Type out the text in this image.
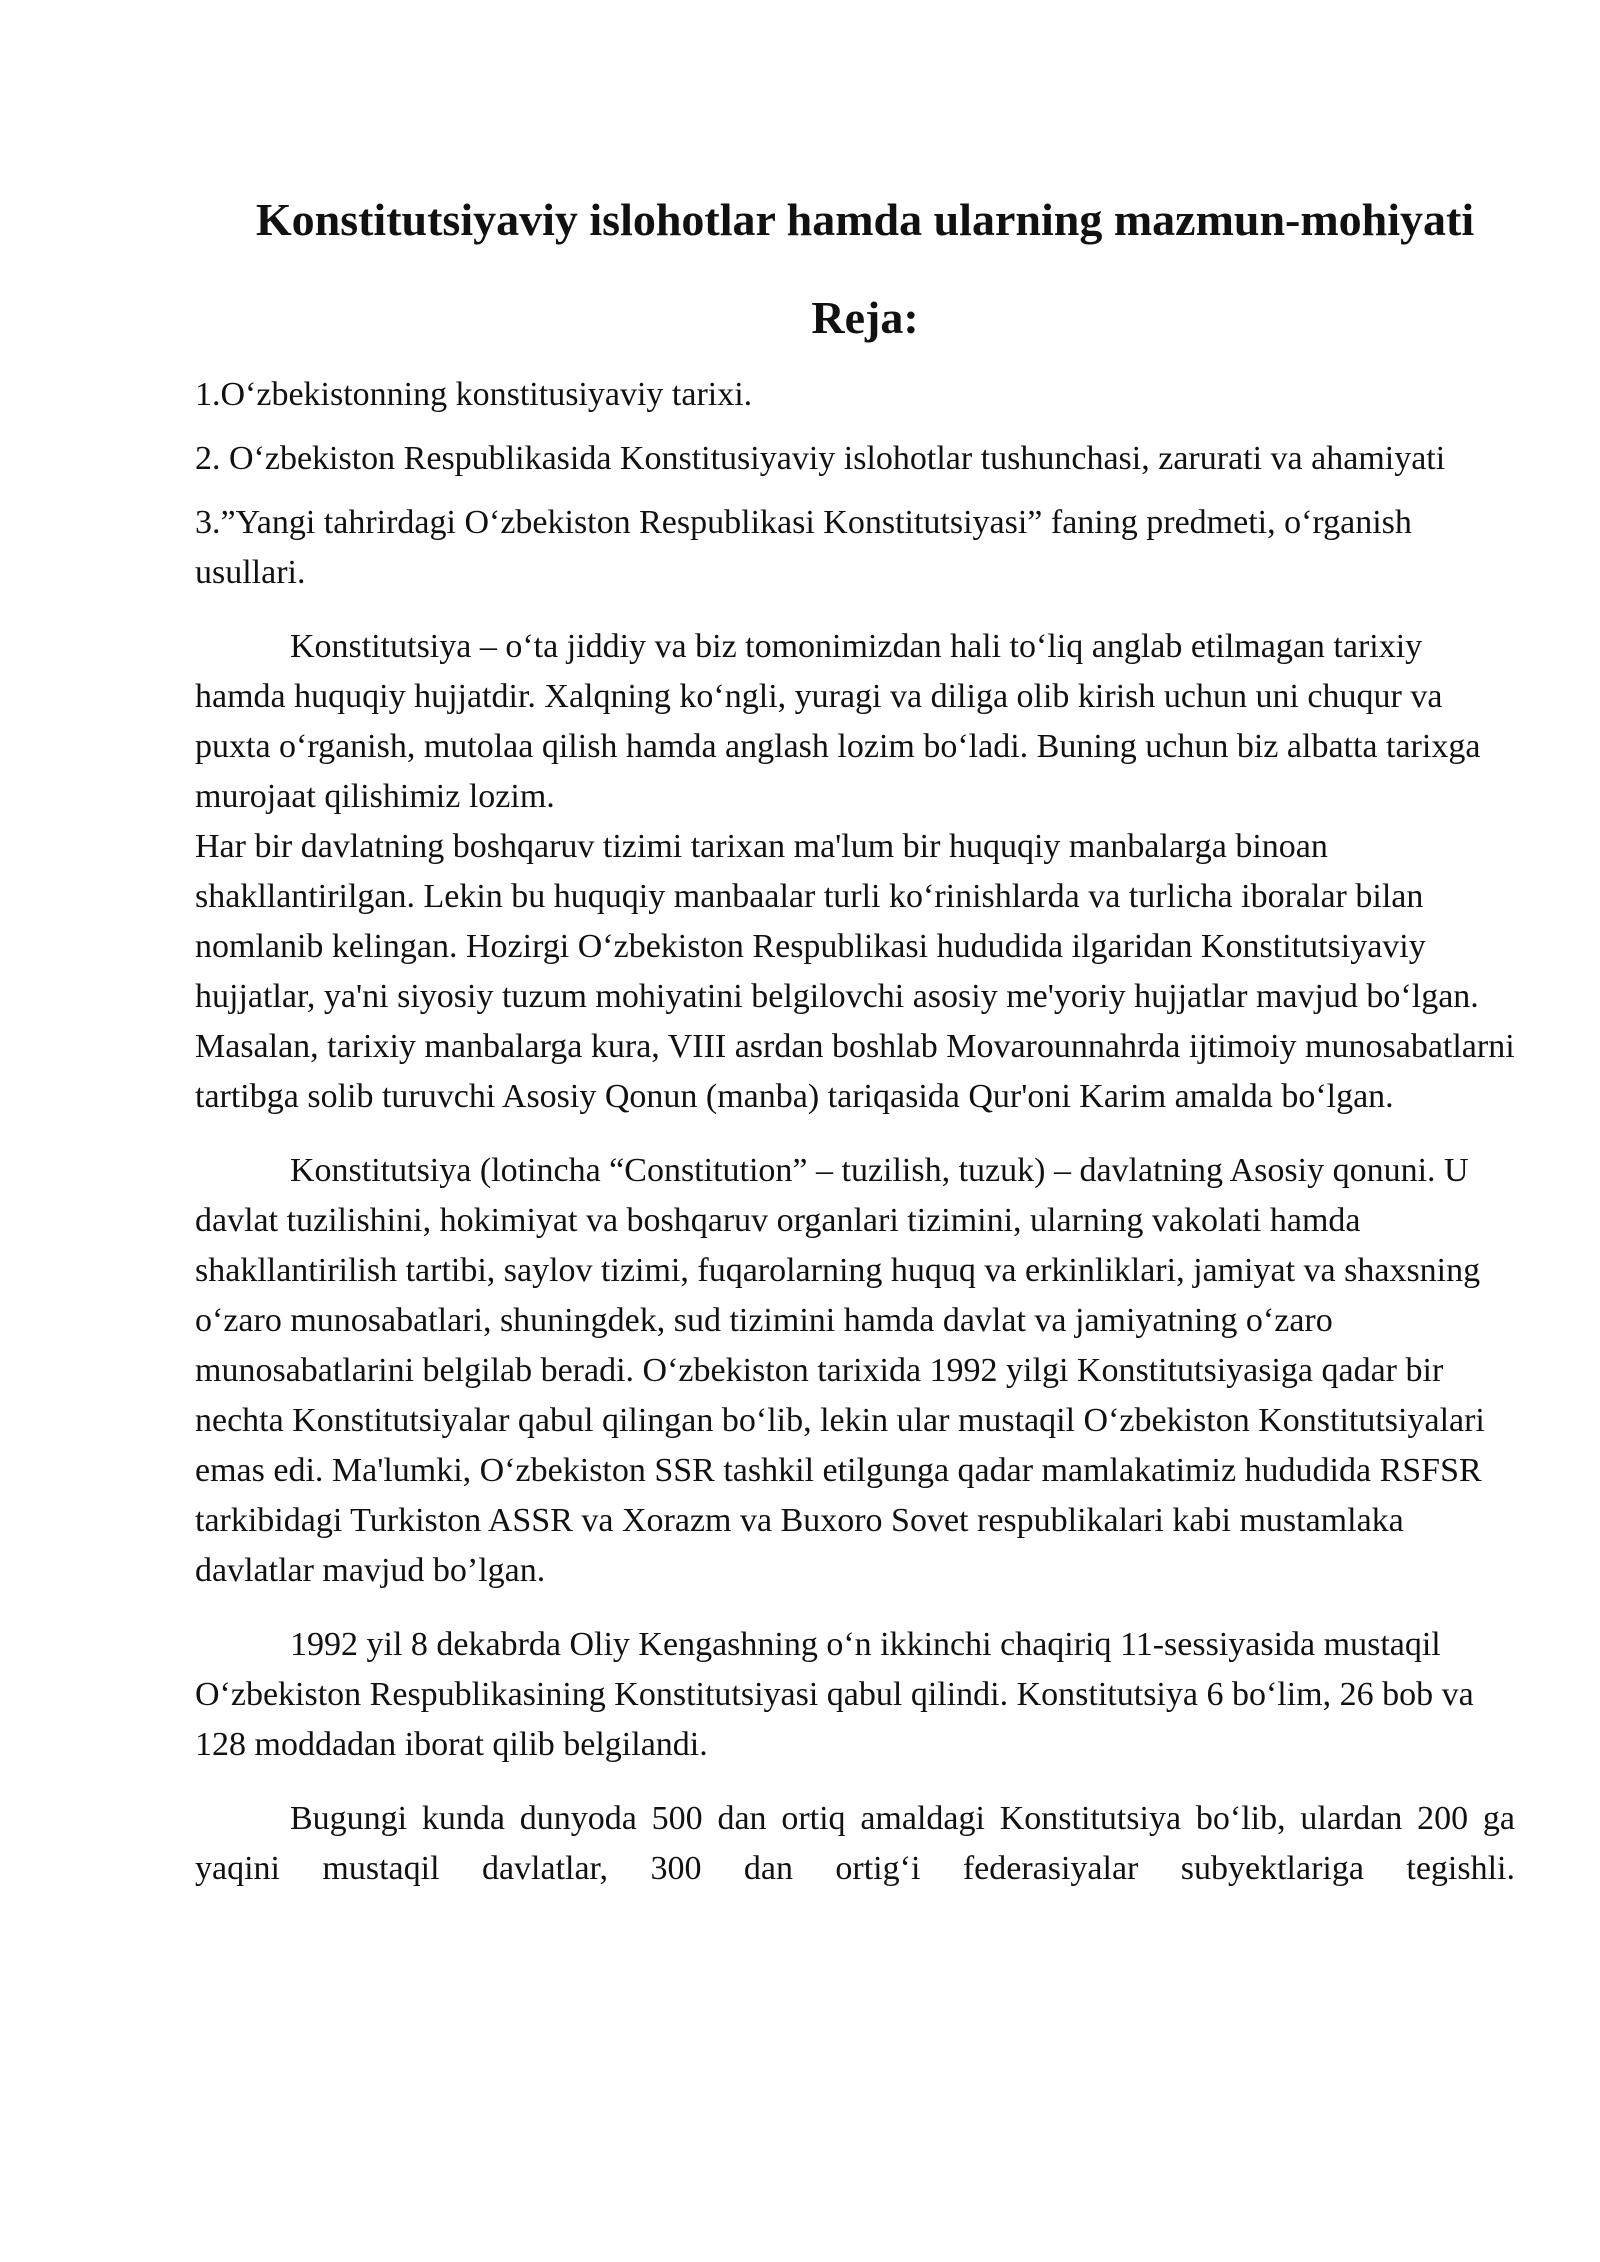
Konstitutsiyaviy islohotlar hamda ularning mazmun-mohiyati
Reja:

1.O‘zbekistonning konstitusiyaviy tarixi.

2. O‘zbekiston Respublikasida Konstitusiyaviy islohotlar tushunchasi, zarurati va ahamiyati

3.”Yangi tahrirdagi O‘zbekiston Respublikasi Konstitutsiyasi” faning predmeti, o‘rganish usullari.

Konstitutsiya – o‘ta jiddiy va biz tomonimizdan hali to‘liq anglab etilmagan tarixiy hamda huquqiy hujjatdir. Xalqning ko‘ngli, yuragi va diliga olib kirish uchun uni chuqur va puxta o‘rganish, mutolaa qilish hamda anglash lozim bo‘ladi. Buning uchun biz albatta tarixga murojaat qilishimiz lozim.

Har bir davlatning boshqaruv tizimi tarixan ma'lum bir huquqiy manbalarga binoan shakllantirilgan. Lekin bu huquqiy manbaalar turli ko‘rinishlarda va turlicha iboralar bilan nomlanib kelingan. Hozirgi O‘zbekiston Respublikasi hududida ilgaridan Konstitutsiyaviy hujjatlar, ya'ni siyosiy tuzum mohiyatini belgilovchi asosiy me'yoriy hujjatlar mavjud bo‘lgan. Masalan, tarixiy manbalarga kura, VIII asrdan boshlab Movarounnahrda ijtimoiy munosabatlarni tartibga solib turuvchi Asosiy Qonun (manba) tariqasida Qur'oni Karim amalda bo‘lgan.

Konstitutsiya (lotincha “Constitution” – tuzilish, tuzuk) – davlatning Asosiy qonuni. U davlat tuzilishini, hokimiyat va boshqaruv organlari tizimini, ularning vakolati hamda shakllantirilish tartibi, saylov tizimi, fuqarolarning huquq va erkinliklari, jamiyat va shaxsning o‘zaro munosabatlari, shuningdek, sud tizimini hamda davlat va jamiyatning o‘zaro munosabatlarini belgilab beradi. O‘zbekiston tarixida 1992 yilgi Konstitutsiyasiga qadar bir nechta Konstitutsiyalar qabul qilingan bo‘lib, lekin ular mustaqil O‘zbekiston Konstitutsiyalari emas edi. Ma'lumki, O‘zbekiston SSR tashkil etilgunga qadar mamlakatimiz hududida RSFSR tarkibidagi Turkiston ASSR va Xorazm va Buxoro Sovet respublikalari kabi mustamlaka davlatlar mavjud bo’lgan.

1992 yil 8 dekabrda Oliy Kengashning o‘n ikkinchi chaqiriq 11-sessiyasida mustaqil O‘zbekiston Respublikasining Konstitutsiyasi qabul qilindi. Konstitutsiya 6 bo‘lim, 26 bob va 128 moddadan iborat qilib belgilandi.

Bugungi kunda dunyoda 500 dan ortiq amaldagi Konstitutsiya bo‘lib, ulardan 200 ga yaqini mustaqil davlatlar, 300 dan ortig‘i federasiyalar subyektlariga tegishli.
